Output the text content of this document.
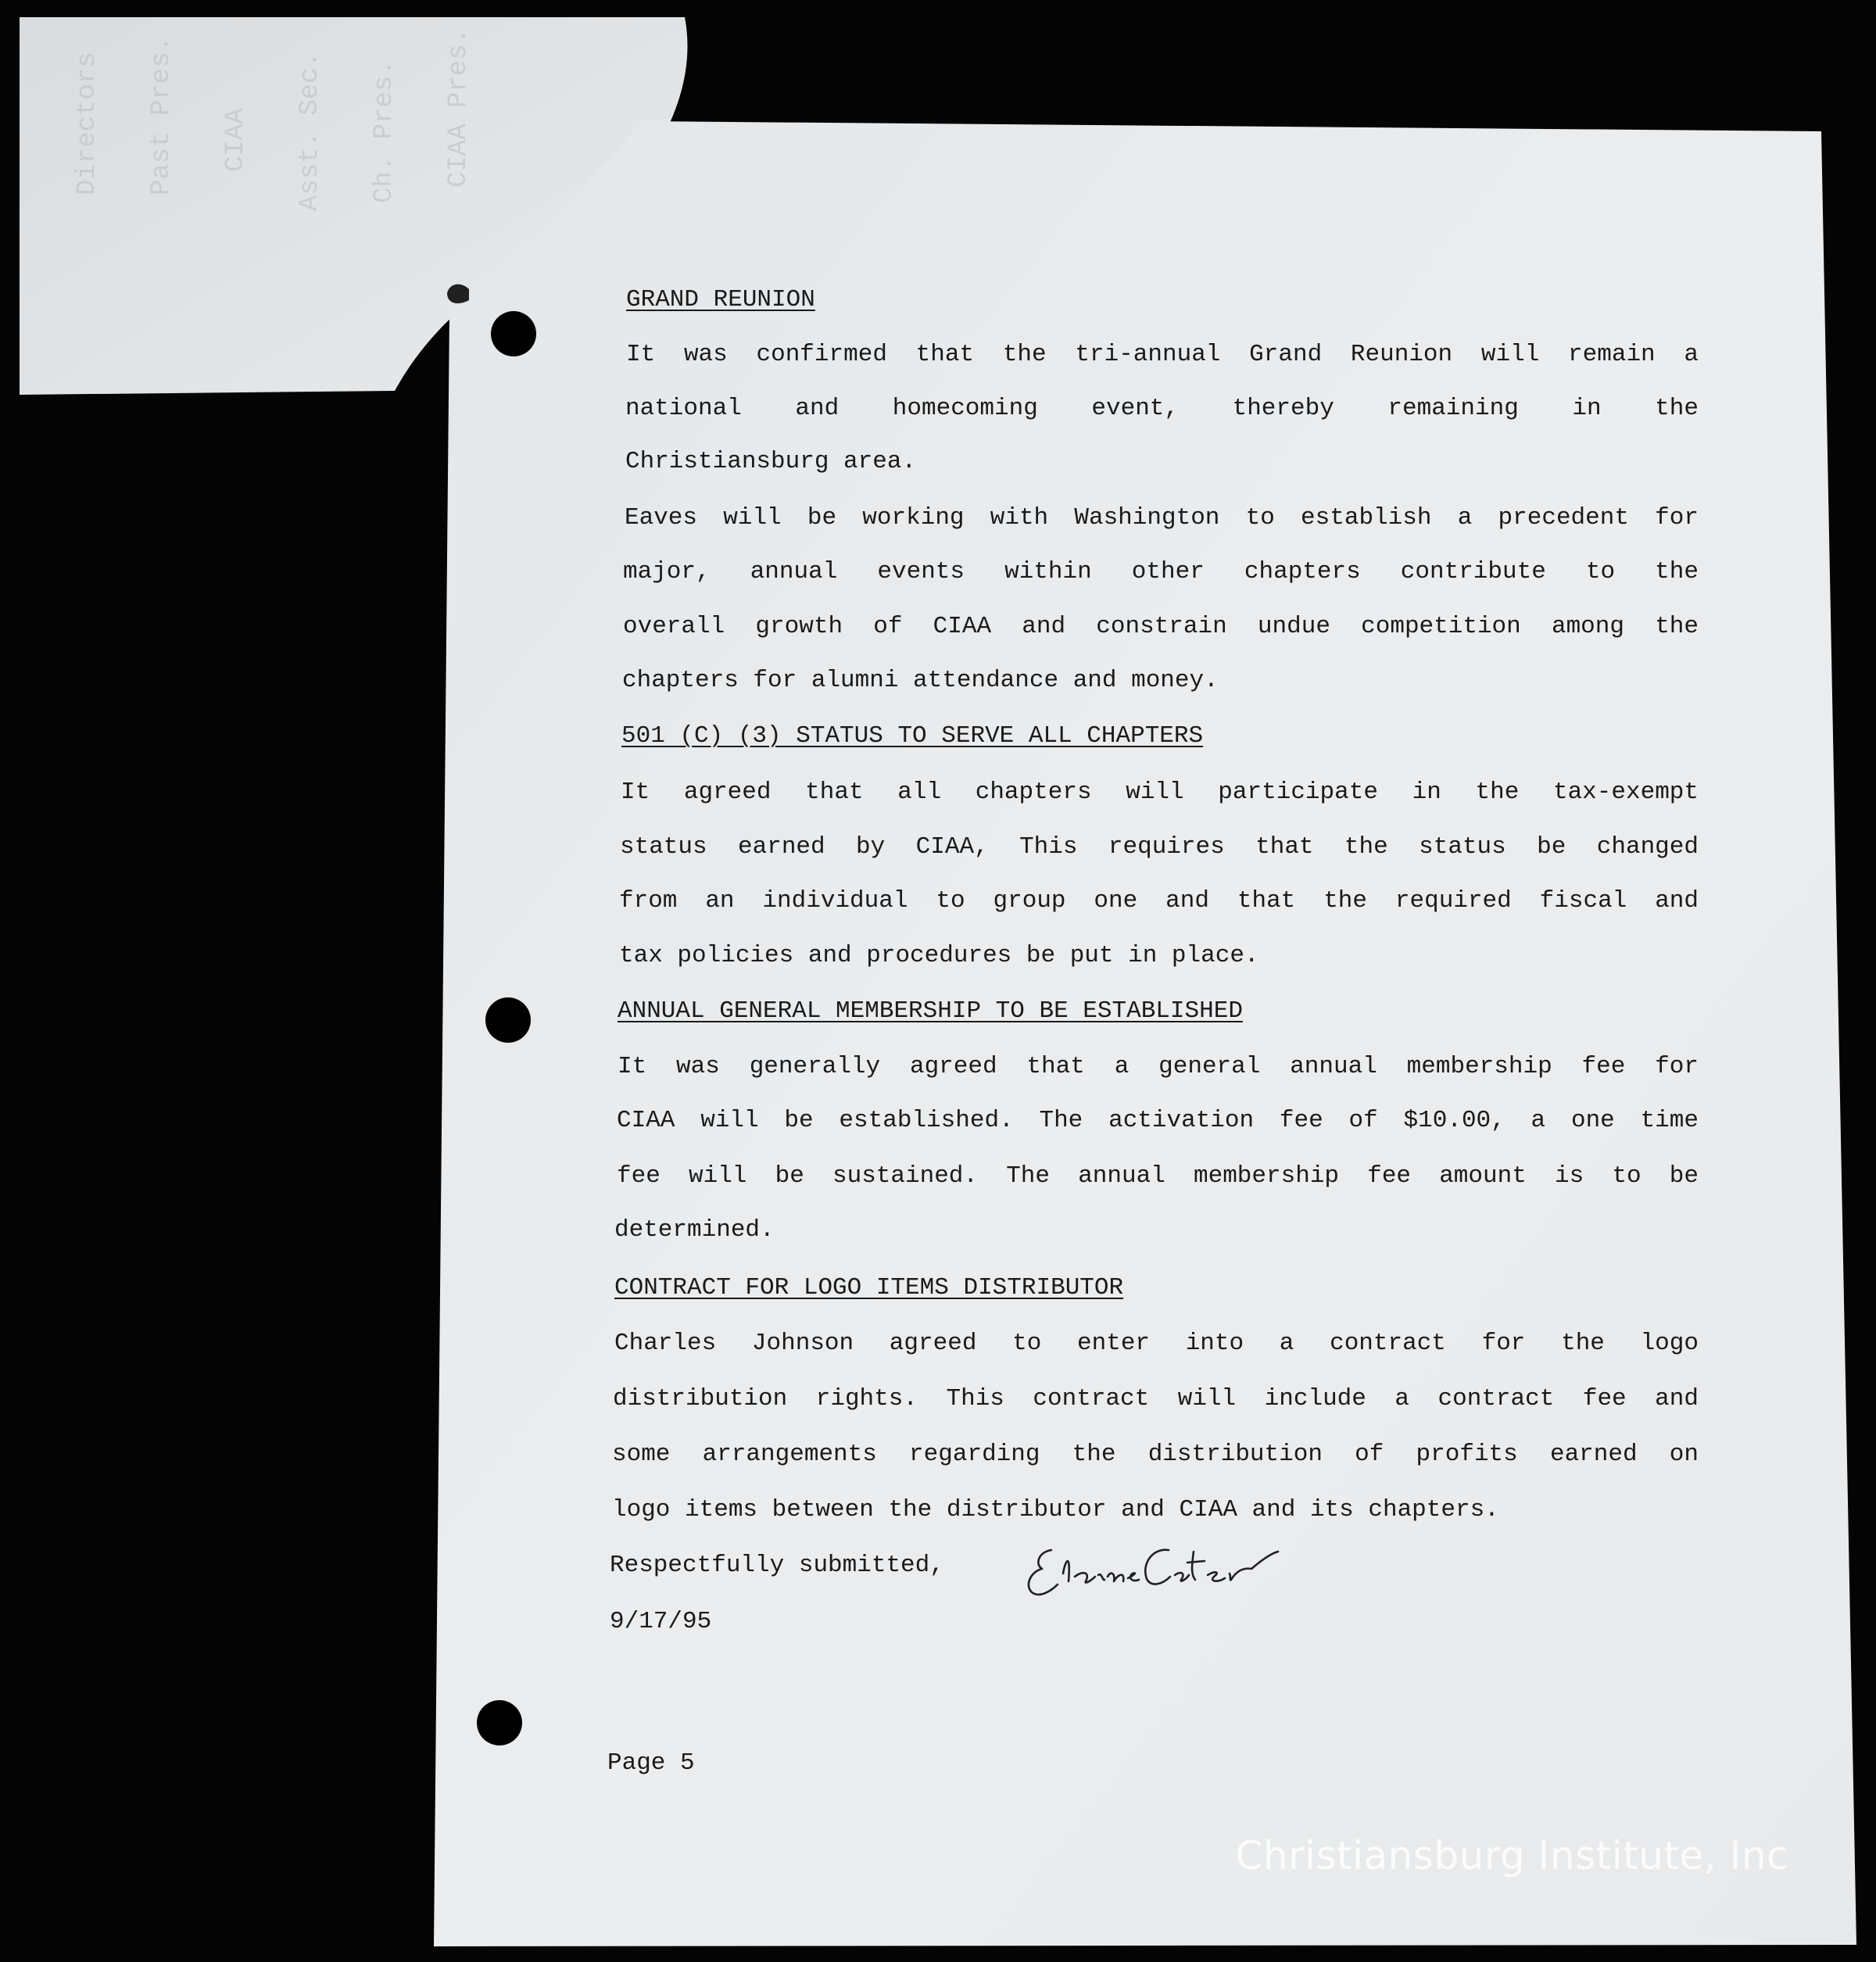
Directors Past Pres. CIAA Asst. Sec. Ch. Pres. CIAA Pres.
GRAND REUNION
It was confirmed that the tri-annual Grand Reunion will remain a
national and homecoming event, thereby remaining in the
Christiansburg area.
Eaves will be working with Washington to establish a precedent for
major, annual events within other chapters contribute to the
overall growth of CIAA and constrain undue competition among the
chapters for alumni attendance and money.
501 (C) (3) STATUS TO SERVE ALL CHAPTERS
It agreed that all chapters will participate in the tax-exempt
status earned by CIAA, This requires that the status be changed
from an individual to group one and that the required fiscal and
tax policies and procedures be put in place.
ANNUAL GENERAL MEMBERSHIP TO BE ESTABLISHED
It was generally agreed that a general annual membership fee for
CIAA will be established. The activation fee of $10.00, a one time
fee will be sustained. The annual membership fee amount is to be
determined.
CONTRACT FOR LOGO ITEMS DISTRIBUTOR
Charles Johnson agreed to enter into a contract for the logo
distribution rights. This contract will include a contract fee and
some arrangements regarding the distribution of profits earned on
logo items between the distributor and CIAA and its chapters.
Respectfully submitted,
9/17/95
Page 5
Christiansburg Institute, Inc
